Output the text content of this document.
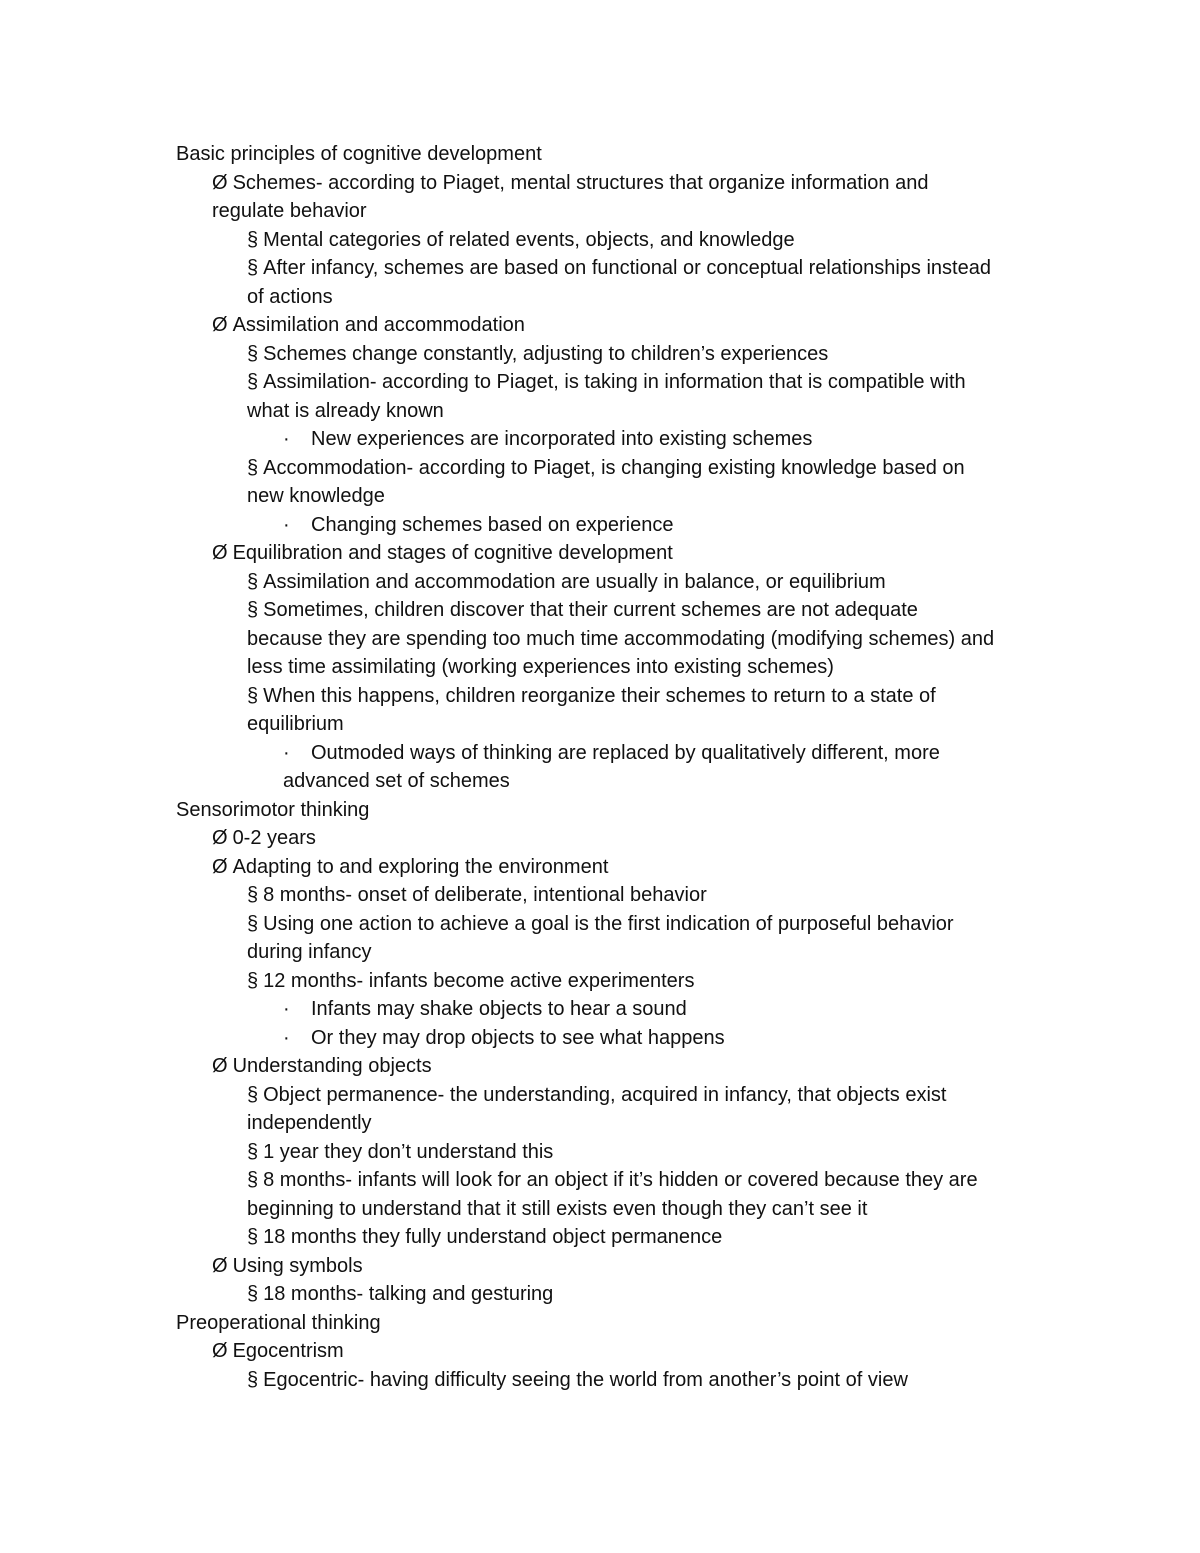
Basic principles of cognitive development
Ø Schemes- according to Piaget, mental structures that organize information and
regulate behavior
§ Mental categories of related events, objects, and knowledge
§ After infancy, schemes are based on functional or conceptual relationships instead
of actions
Ø Assimilation and accommodation
§ Schemes change constantly, adjusting to children’s experiences
§ Assimilation- according to Piaget, is taking in information that is compatible with
what is already known
· New experiences are incorporated into existing schemes
§ Accommodation- according to Piaget, is changing existing knowledge based on
new knowledge
· Changing schemes based on experience
Ø Equilibration and stages of cognitive development
§ Assimilation and accommodation are usually in balance, or equilibrium
§ Sometimes, children discover that their current schemes are not adequate
because they are spending too much time accommodating (modifying schemes) and
less time assimilating (working experiences into existing schemes)
§ When this happens, children reorganize their schemes to return to a state of
equilibrium
· Outmoded ways of thinking are replaced by qualitatively different, more
advanced set of schemes
Sensorimotor thinking
Ø 0-2 years
Ø Adapting to and exploring the environment
§ 8 months- onset of deliberate, intentional behavior
§ Using one action to achieve a goal is the first indication of purposeful behavior
during infancy
§ 12 months- infants become active experimenters
· Infants may shake objects to hear a sound
· Or they may drop objects to see what happens
Ø Understanding objects
§ Object permanence- the understanding, acquired in infancy, that objects exist
independently
§ 1 year they don’t understand this
§ 8 months- infants will look for an object if it’s hidden or covered because they are
beginning to understand that it still exists even though they can’t see it
§ 18 months they fully understand object permanence
Ø Using symbols
§ 18 months- talking and gesturing
Preoperational thinking
Ø Egocentrism
§ Egocentric- having difficulty seeing the world from another’s point of view
